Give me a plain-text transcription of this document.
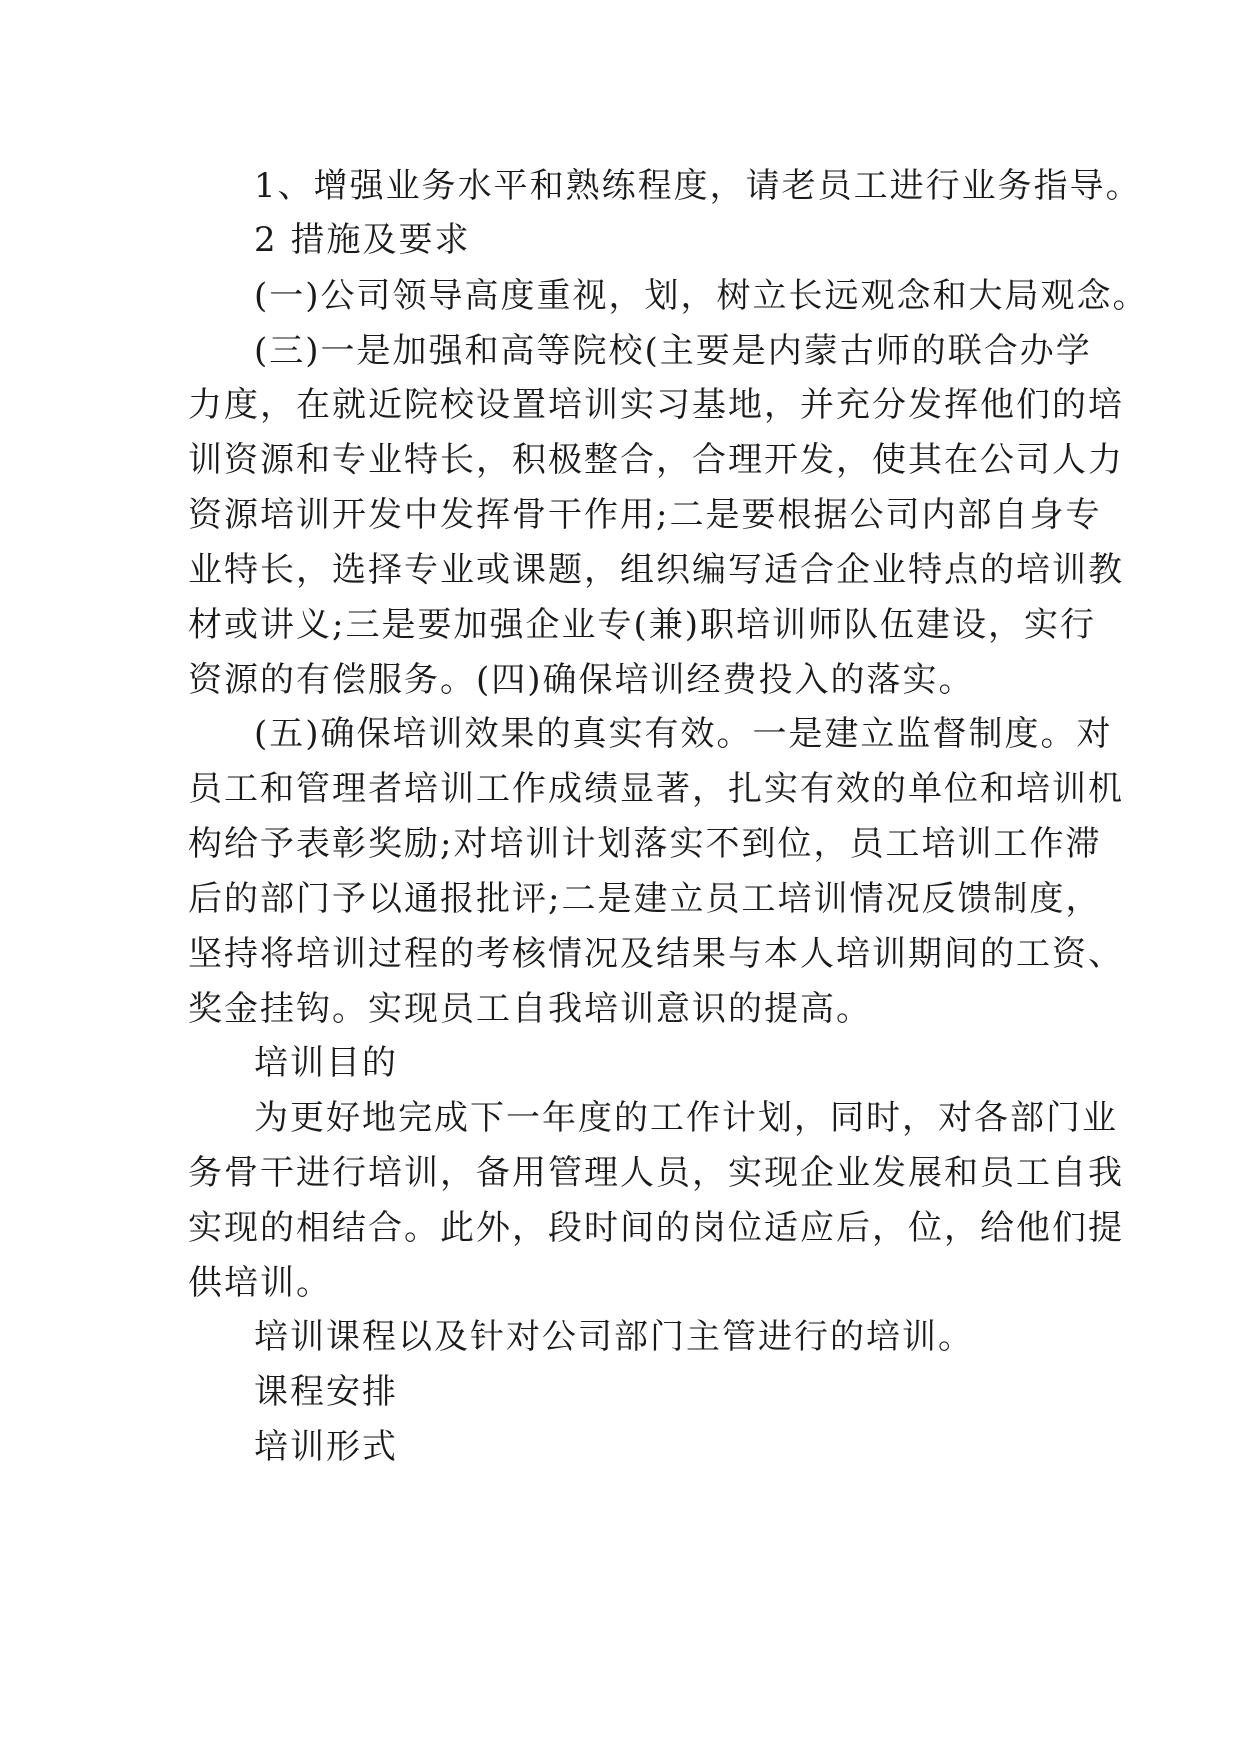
1、增强业务水平和熟练程度，请老员工进行业务指导。
2 措施及要求
(一)公司领导高度重视，划，树立长远观念和大局观念。
(三)一是加强和高等院校(主要是内蒙古师的联合办学
力度，在就近院校设置培训实习基地，并充分发挥他们的培
训资源和专业特长，积极整合，合理开发，使其在公司人力
资源培训开发中发挥骨干作用;二是要根据公司内部自身专
业特长，选择专业或课题，组织编写适合企业特点的培训教
材或讲义;三是要加强企业专(兼)职培训师队伍建设，实行
资源的有偿服务。(四)确保培训经费投入的落实。
(五)确保培训效果的真实有效。一是建立监督制度。对
员工和管理者培训工作成绩显著，扎实有效的单位和培训机
构给予表彰奖励;对培训计划落实不到位，员工培训工作滞
后的部门予以通报批评;二是建立员工培训情况反馈制度，
坚持将培训过程的考核情况及结果与本人培训期间的工资、
奖金挂钩。实现员工自我培训意识的提高。
培训目的
为更好地完成下一年度的工作计划，同时，对各部门业
务骨干进行培训，备用管理人员，实现企业发展和员工自我
实现的相结合。此外，段时间的岗位适应后，位，给他们提
供培训。
培训课程以及针对公司部门主管进行的培训。
课程安排
培训形式
